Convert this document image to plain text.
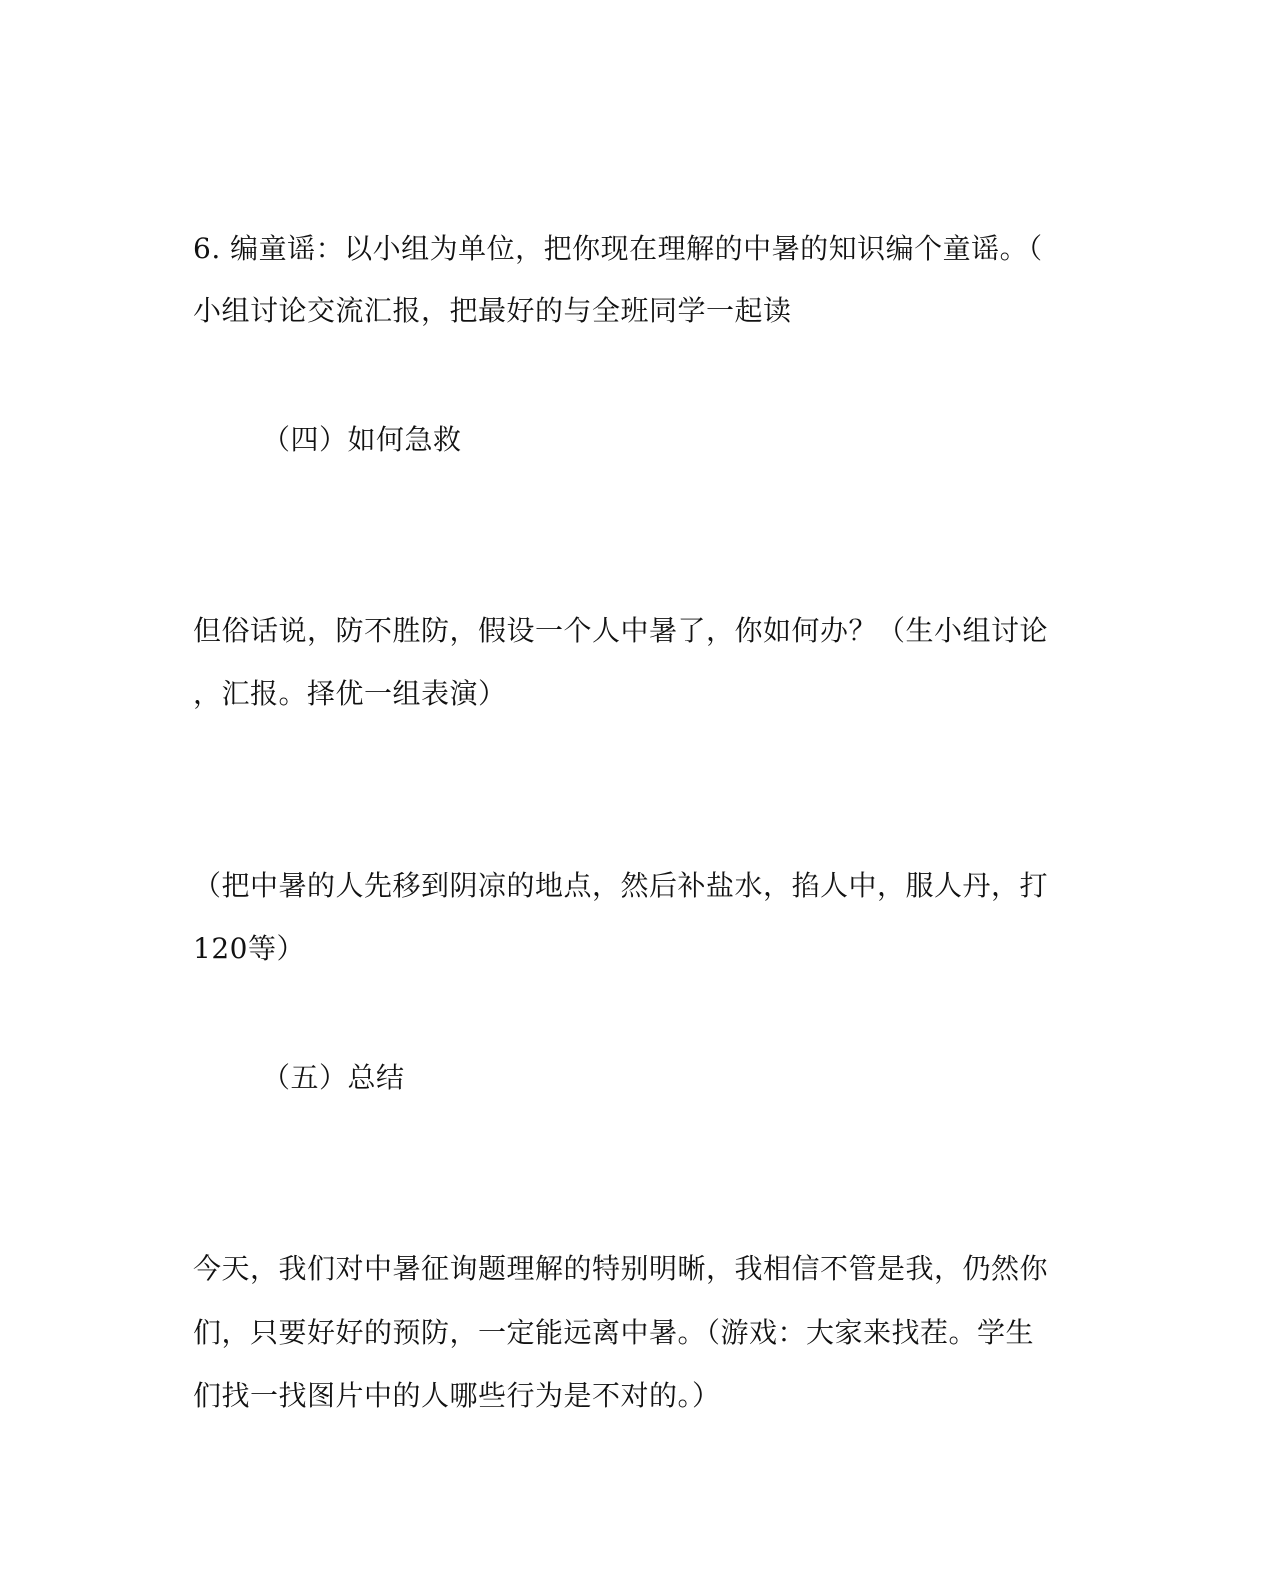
6. 编童谣：以小组为单位，把你现在理解的中暑的知识编个童谣。（
小组讨论交流汇报，把最好的与全班同学一起读
（四）如何急救
但俗话说，防不胜防，假设一个人中暑了，你如何办？（生小组讨论
，汇报。择优一组表演）
（把中暑的人先移到阴凉的地点，然后补盐水，掐人中，服人丹，打
120等）
（五）总结
今天，我们对中暑征询题理解的特别明晰，我相信不管是我，仍然你
们，只要好好的预防，一定能远离中暑。（游戏：大家来找茬。学生
们找一找图片中的人哪些行为是不对的。）
